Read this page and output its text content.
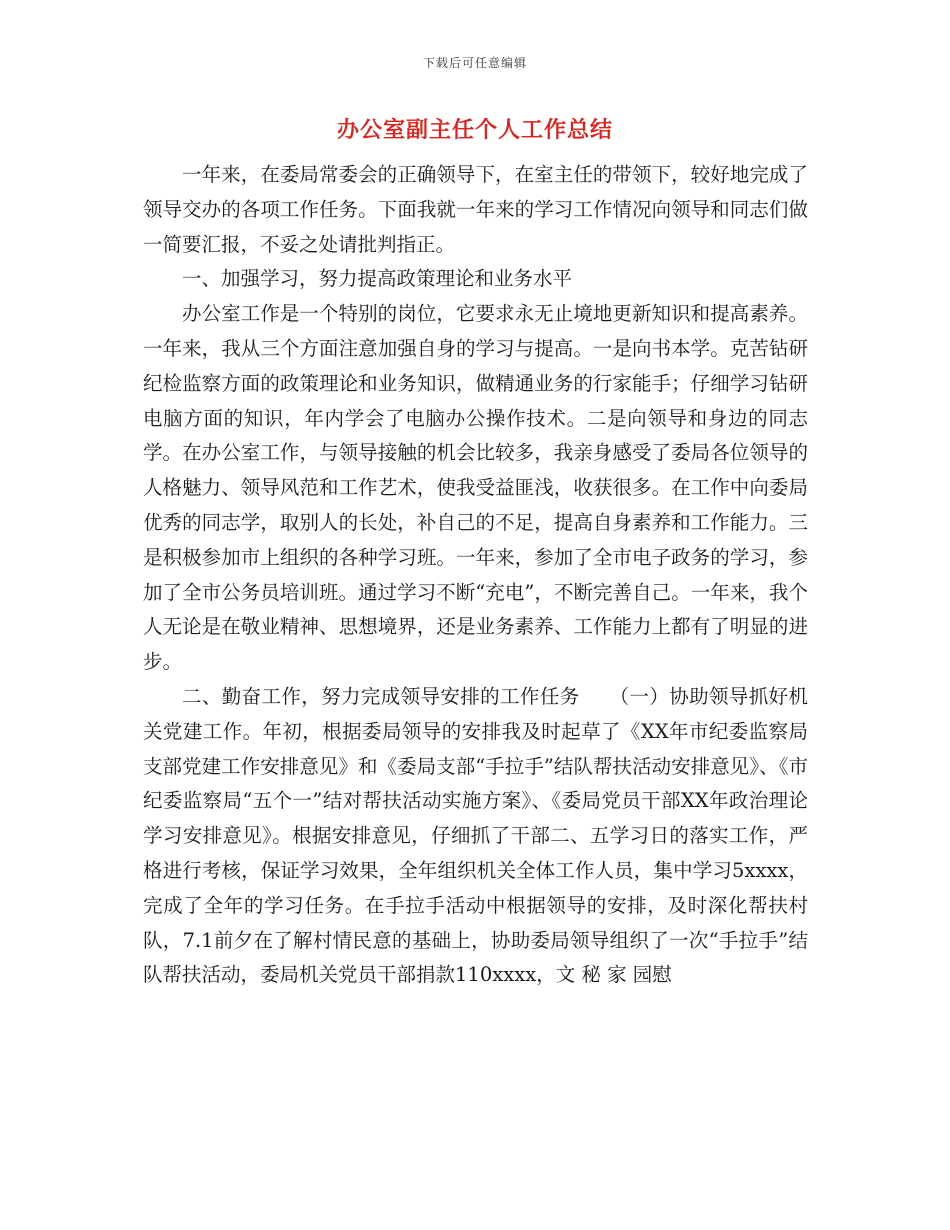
下载后可任意编辑
办公室副主任个人工作总结

一年来，在委局常委会的正确领导下，在室主任的带领下，较好地完成了领导交办的各项工作任务。下面我就一年来的学习工作情况向领导和同志们做一简要汇报，不妥之处请批判指正。

一、加强学习，努力提高政策理论和业务水平

办公室工作是一个特别的岗位，它要求永无止境地更新知识和提高素养。一年来，我从三个方面注意加强自身的学习与提高。一是向书本学。克苦钻研纪检监察方面的政策理论和业务知识，做精通业务的行家能手；仔细学习钻研电脑方面的知识，年内学会了电脑办公操作技术。二是向领导和身边的同志学。在办公室工作，与领导接触的机会比较多，我亲身感受了委局各位领导的人格魅力、领导风范和工作艺术，使我受益匪浅，收获很多。在工作中向委局优秀的同志学，取别人的长处，补自己的不足，提高自身素养和工作能力。三是积极参加市上组织的各种学习班。一年来，参加了全市电子政务的学习，参加了全市公务员培训班。通过学习不断“充电”，不断完善自己。一年来，我个人无论是在敬业精神、思想境界，还是业务素养、工作能力上都有了明显的进步。

二、勤奋工作，努力完成领导安排的工作任务　　（一）协助领导抓好机关党建工作。年初，根据委局领导的安排我及时起草了《XX年市纪委监察局支部党建工作安排意见》和《委局支部“手拉手”结队帮扶活动安排意见》、《市纪委监察局“五个一”结对帮扶活动实施方案》、《委局党员干部XX年政治理论学习安排意见》。根据安排意见，仔细抓了干部二、五学习日的落实工作，严格进行考核，保证学习效果，全年组织机关全体工作人员，集中学习5xxxx，完成了全年的学习任务。在手拉手活动中根据领导的安排，及时深化帮扶村队，7.1前夕在了解村情民意的基础上，协助委局领导组织了一次“手拉手”结队帮扶活动，委局机关党员干部捐款110xxxx，文 秘 家 园慰
